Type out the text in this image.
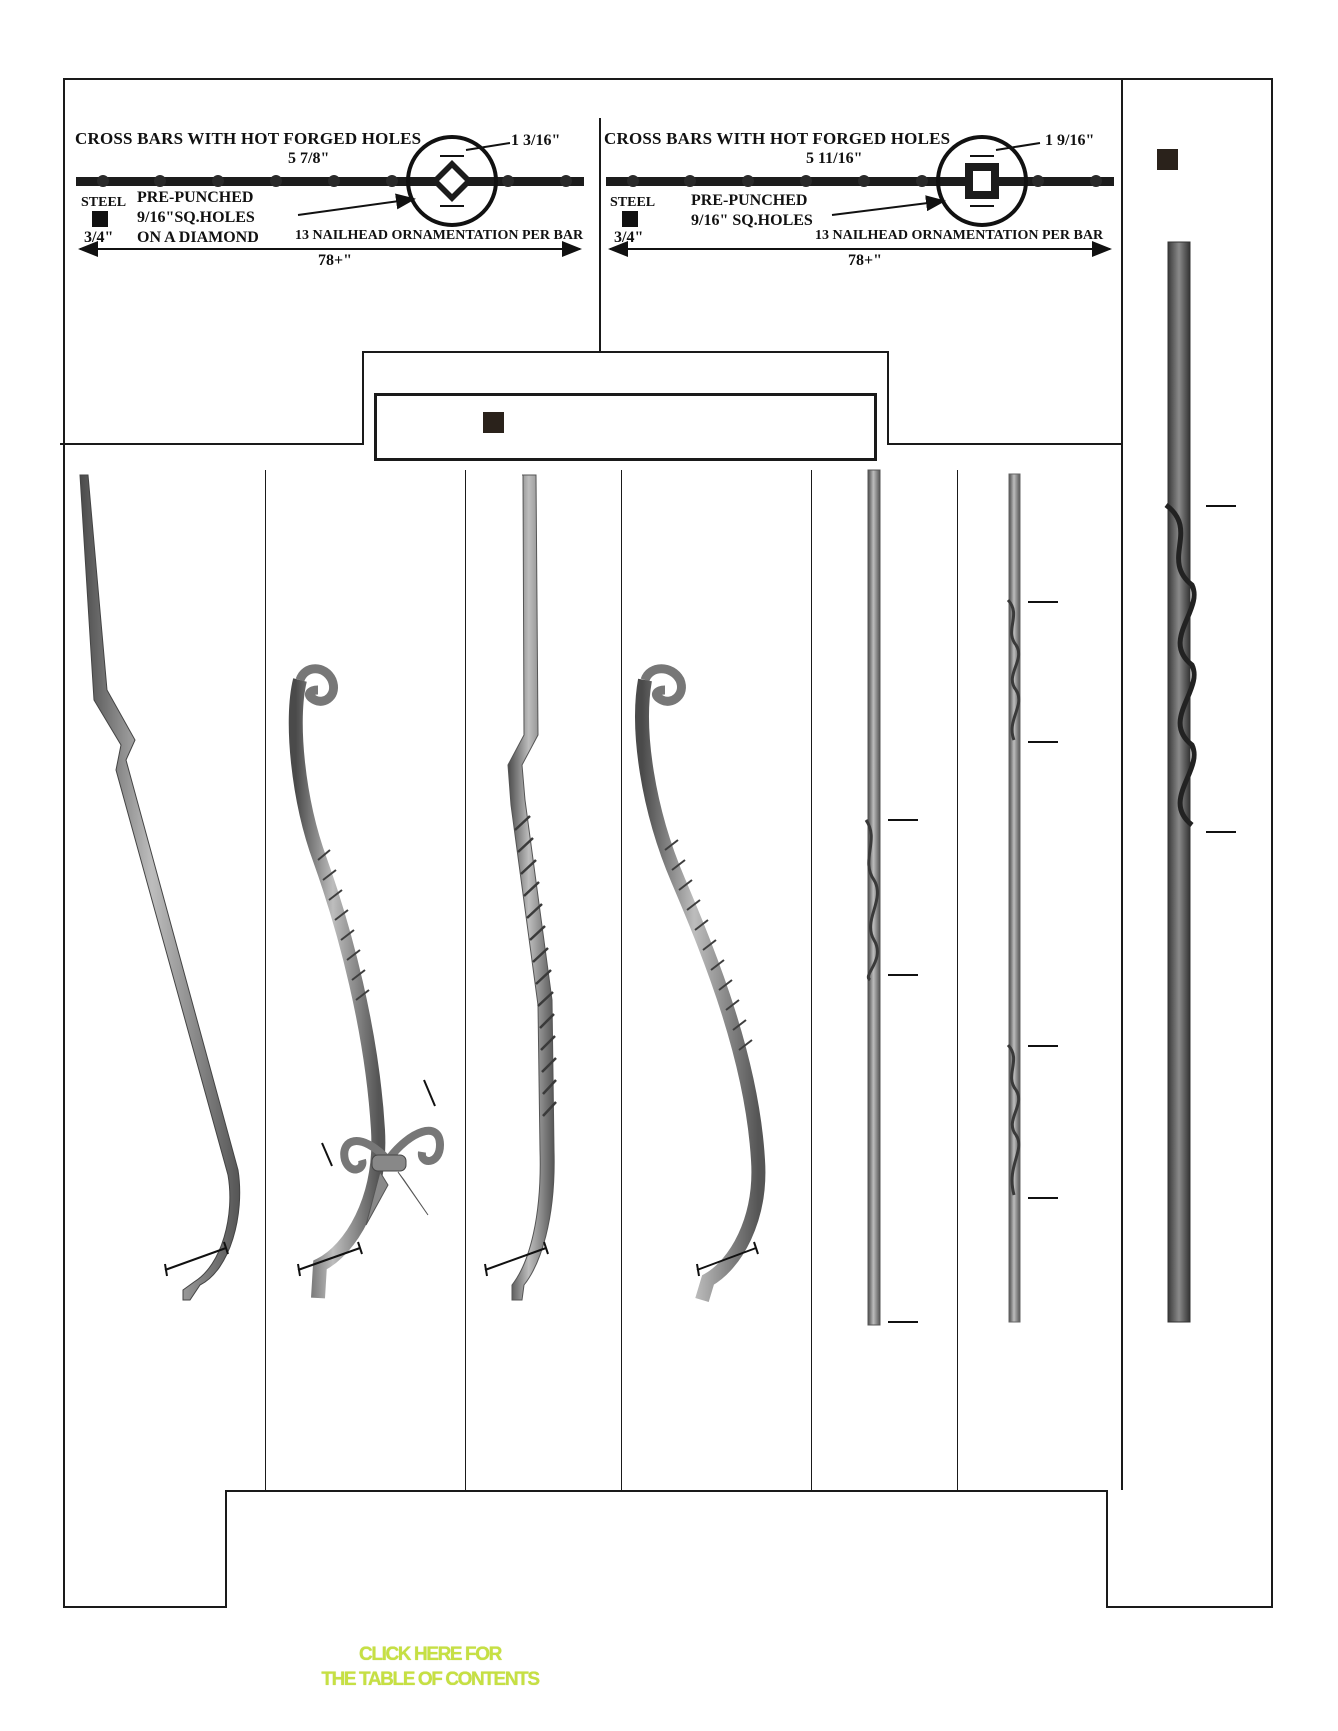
CROSS BARS WITH HOT FORGED HOLES	1 3/16"
5 7/8"
STEEL
3/4"
PRE-PUNCHED
9/16"SQ.HOLES
ON A DIAMOND	13 NAILHEAD ORNAMENTATION PER BAR
78+"
CROSS BARS WITH HOT FORGED HOLES	1 9/16"
5 11/16"
STEEL
3/4"
PRE-PUNCHED
9/16" SQ.HOLES
13 NAILHEAD ORNAMENTATION PER BAR
78+"
CLICK HERE FOR
THE TABLE OF CONTENTS
